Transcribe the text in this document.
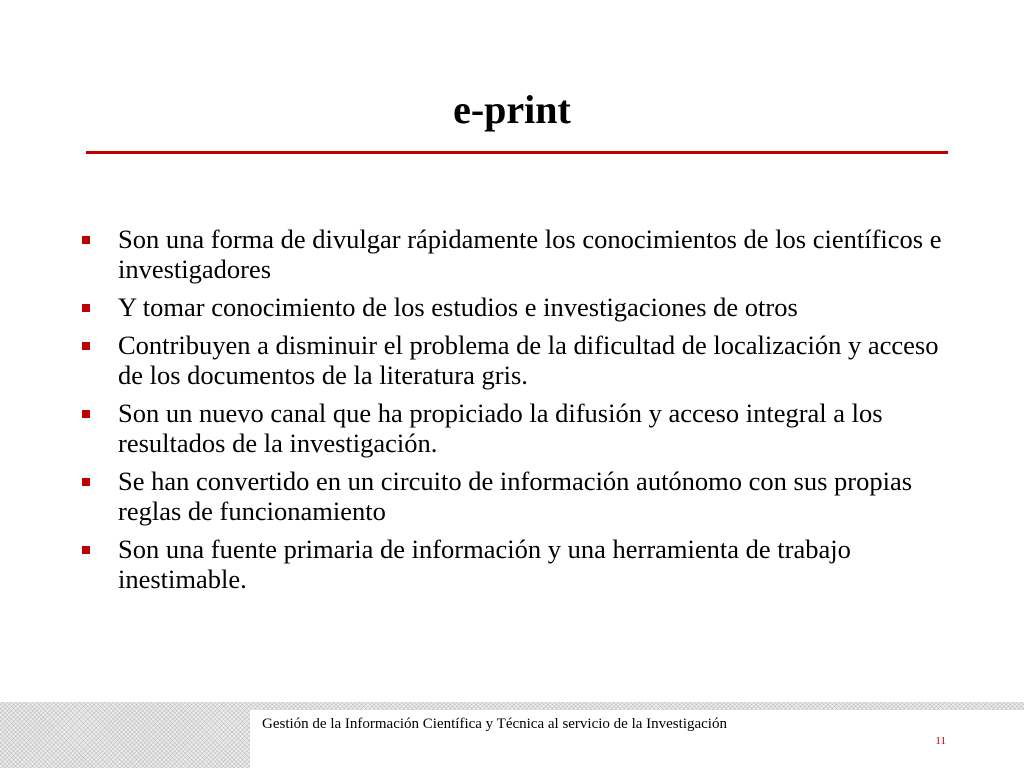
e-print
Son una forma de divulgar rápidamente los conocimientos de los científicos e investigadores
Y tomar conocimiento de los estudios e investigaciones de otros
Contribuyen a disminuir el problema de la dificultad de localización y acceso de los documentos de la literatura gris.
Son un nuevo canal que ha propiciado la difusión y acceso integral a los resultados de la investigación.
Se han convertido en un circuito de información autónomo con sus propias reglas de funcionamiento
Son una fuente primaria de información y una herramienta de trabajo inestimable.
Gestión de la Información Científica y Técnica al servicio de la Investigación
11
